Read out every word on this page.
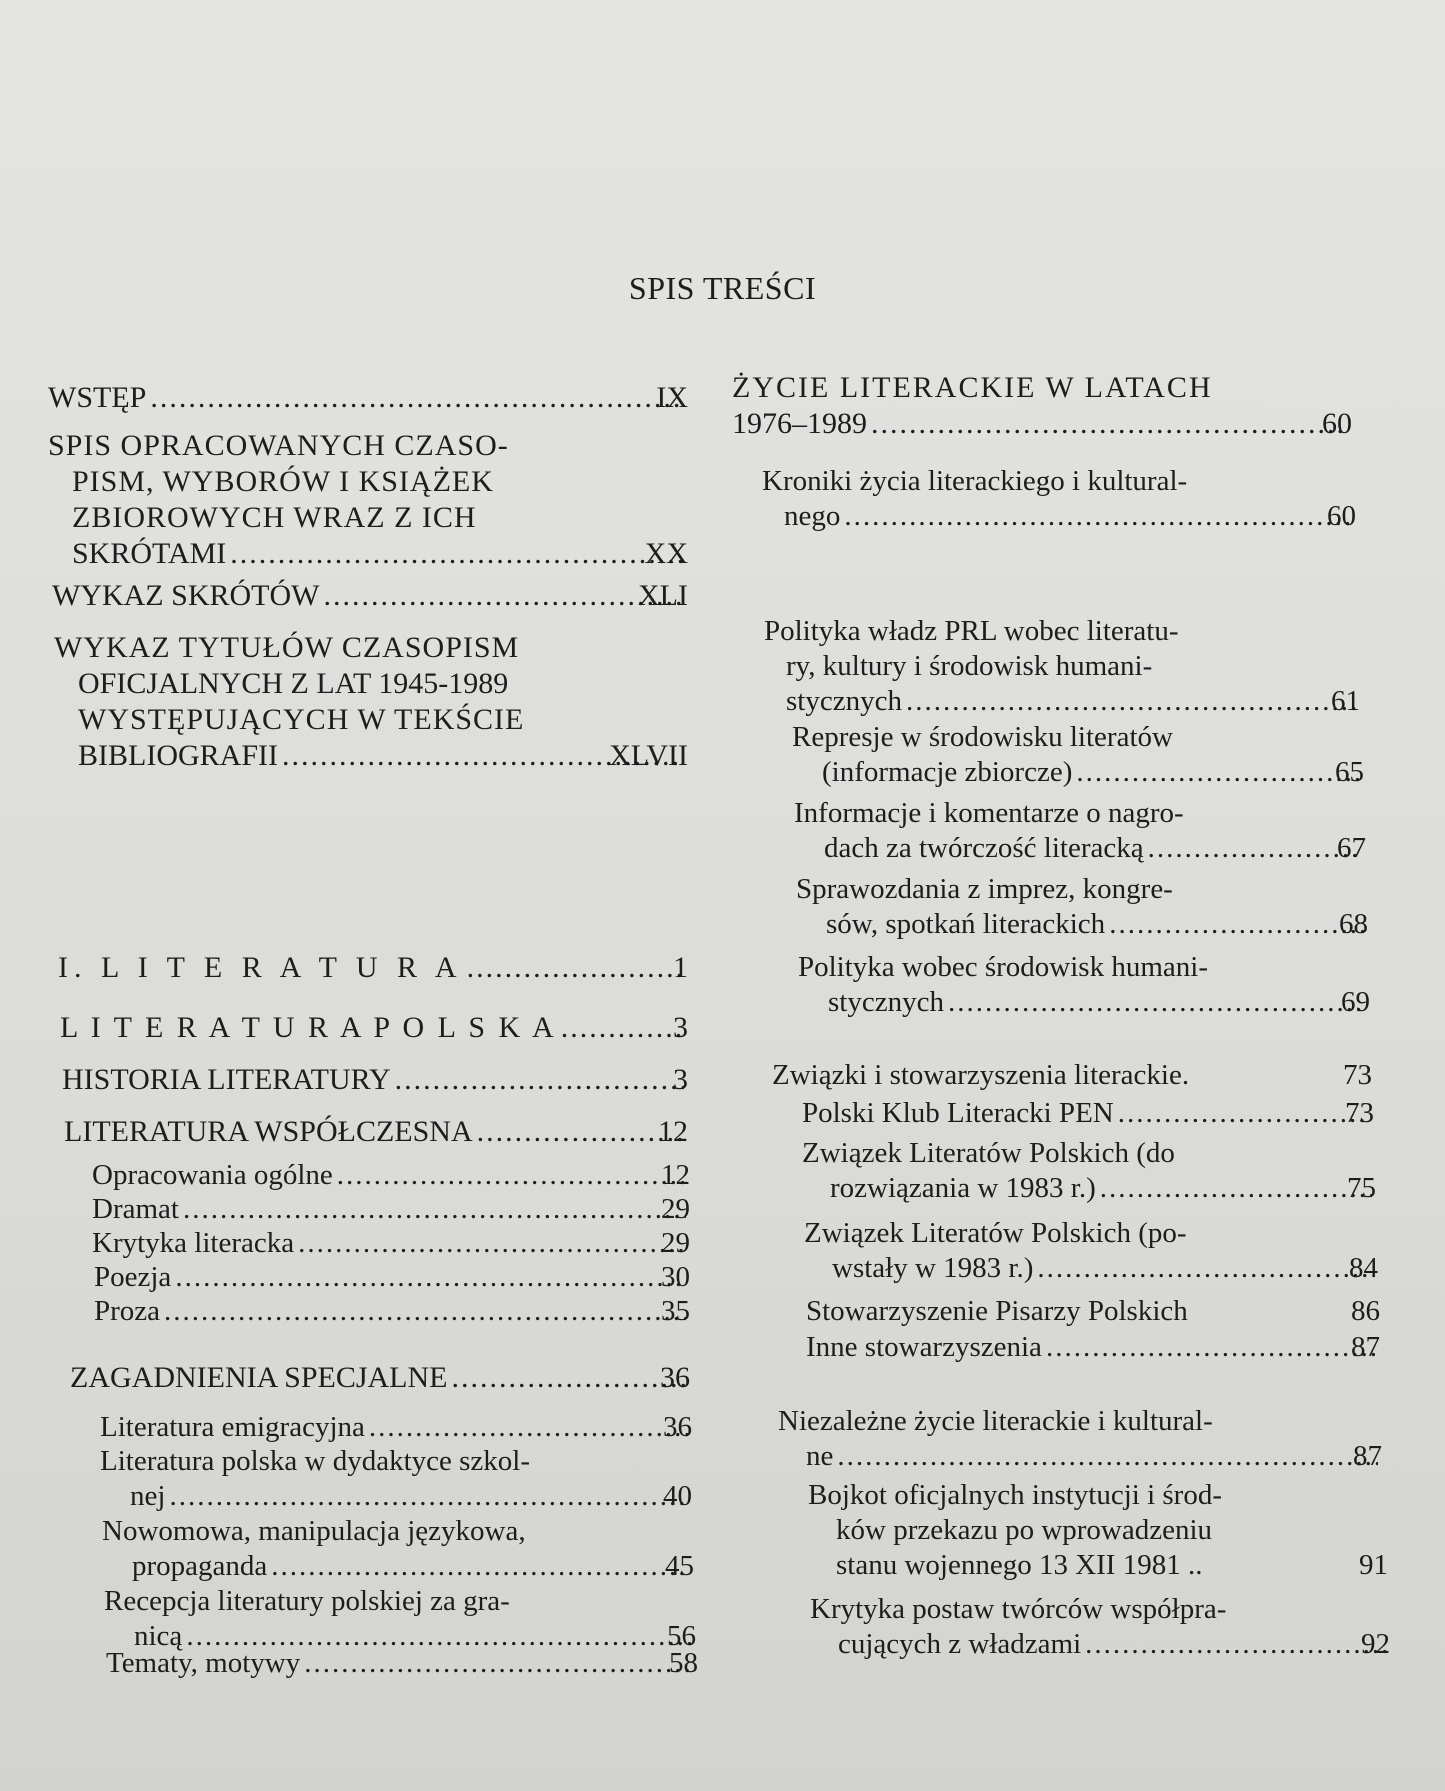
SPIS TREŚCI
WSTĘP .....	IX
SPIS OPRACOWANYCH CZASO-
PISM, WYBORÓW I KSIĄŻEK
ZBIOROWYCH WRAZ Z ICH
SKRÓTAMI .....	XX
WYKAZ SKRÓTÓW .....	XLI
WYKAZ TYTUŁÓW CZASOPISM
OFICJALNYCH Z LAT 1945-1989
WYSTĘPUJĄCYCH W TEKŚCIE
BIBLIOGRAFII .....	XLVII
I. L I T E R A T U R A .....	1
L I T E R A T U R A P O L S K A .....	3
HISTORIA LITERATURY .....	3
LITERATURA WSPÓŁCZESNA .....	12
Opracowania ogólne .....	12
Dramat .....	29
Krytyka literacka .....	29
Poezja .....	30
Proza .....	35
ZAGADNIENIA SPECJALNE .....	36
Literatura emigracyjna .....	36
Literatura polska w dydaktyce szkol-
nej .....	40
Nowomowa, manipulacja językowa,
propaganda .....	45
Recepcja literatury polskiej za gra-
nicą .....	56
Tematy, motywy .....	58
ŻYCIE LITERACKIE W LATACH
1976–1989 .....	60
Kroniki życia literackiego i kultural-
nego .....	60
Polityka władz PRL wobec literatu-
ry, kultury i środowisk humani-
stycznych .....	61
Represje w środowisku literatów
(informacje zbiorcze) .....	65
Informacje i komentarze o nagro-
dach za twórczość literacką .....	67
Sprawozdania z imprez, kongre-
sów, spotkań literackich .....	68
Polityka wobec środowisk humani-
stycznych .....	69
Związki i stowarzyszenia literackie.	73
Polski Klub Literacki PEN .....	73
Związek Literatów Polskich (do
rozwiązania w 1983 r.) .....	75
Związek Literatów Polskich (po-
wstały w 1983 r.) .....	84
Stowarzyszenie Pisarzy Polskich	86
Inne stowarzyszenia .....	87
Niezależne życie literackie i kultural-
ne .....	87
Bojkot oficjalnych instytucji i środ-
ków przekazu po wprowadzeniu
stanu wojennego 13 XII 1981 ..	91
Krytyka postaw twórców współpra-
cujących z władzami .....	92
